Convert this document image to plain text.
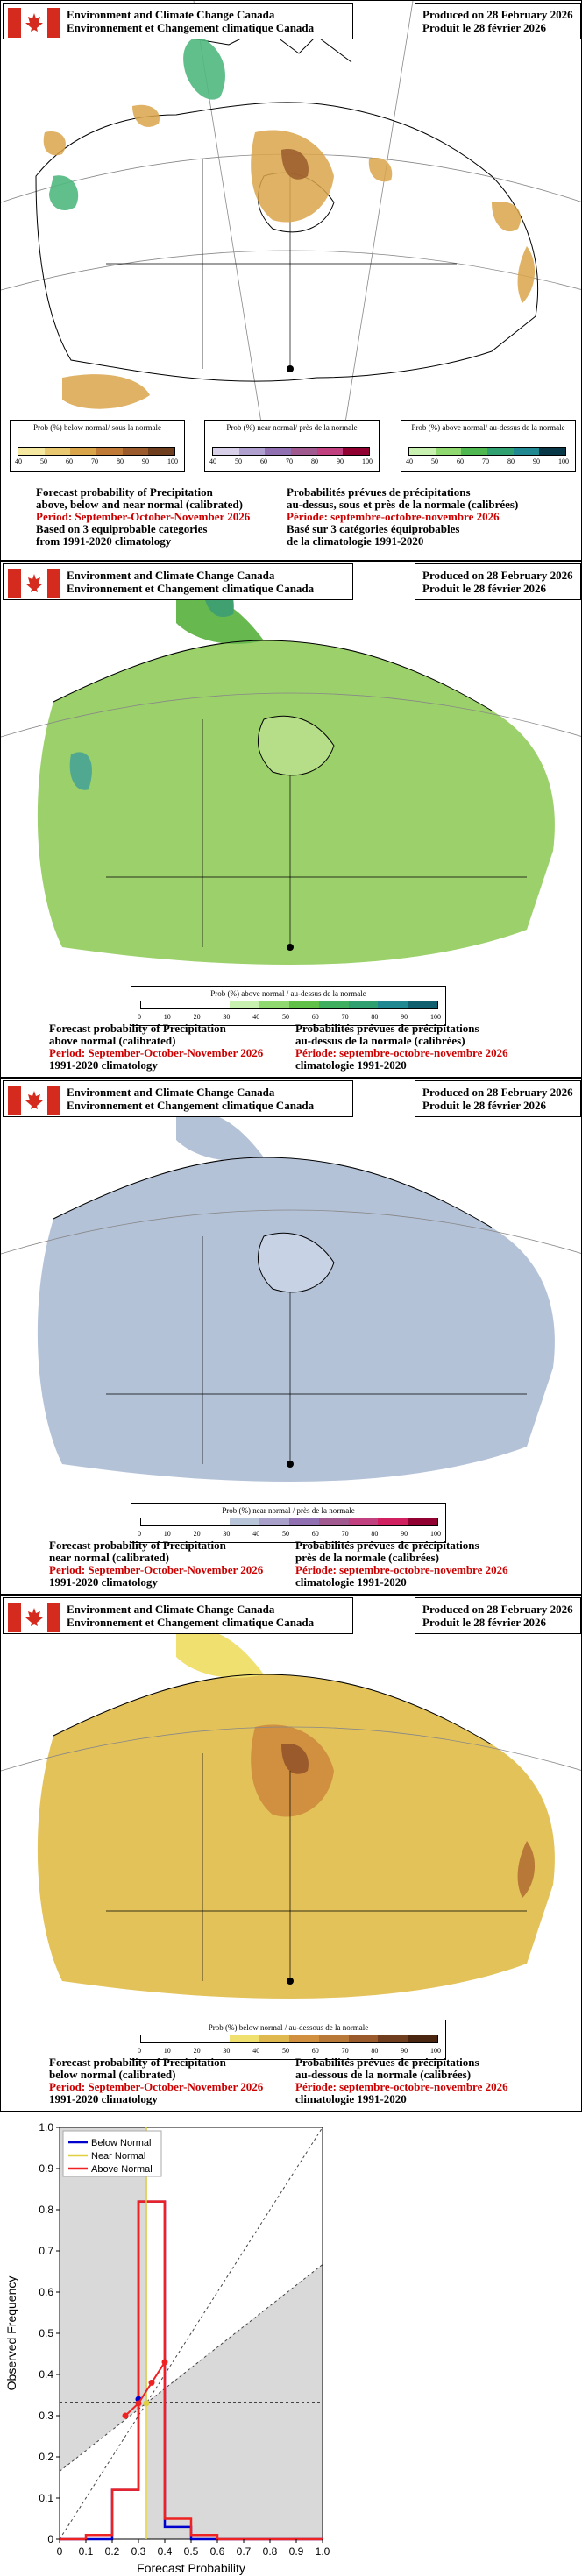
Environment and Climate Change Canada
Environnement et Changement climatique Canada
Produced on 28 February 2026
Produit le 28 février 2026
Prob (%) below normal/ sous la normale
40	50	60	70	80	90	100
Prob (%) near normal/ près de la normale
40	50	60	70	80	90	100
Prob (%) above normal/ au-dessus de la normale
40	50	60	70	80	90	100
Forecast probability of Precipitation
above, below and near normal (calibrated)
Period: September-October-November 2026
Based on 3 equiprobable categories
from 1991-2020 climatology
Probabilités prévues de précipitations
au-dessus, sous et près de la normale (calibrées)
Période: septembre-octobre-novembre 2026
Basé sur 3 catégories équiprobables
de la climatologie 1991-2020
Environment and Climate Change Canada
Environnement et Changement climatique Canada
Produced on 28 February 2026
Produit le 28 février 2026
Prob (%) above normal / au-dessus de la normale
0	10	20	30	40	50	60	70	80	90	100
Forecast probability of Precipitation
above normal (calibrated)
Period: September-October-November 2026
1991-2020 climatology
Probabilités prévues de précipitations
au-dessus de la normale (calibrées)
Période: septembre-octobre-novembre 2026
climatologie 1991-2020
Environment and Climate Change Canada
Environnement et Changement climatique Canada
Produced on 28 February 2026
Produit le 28 février 2026
Prob (%) near normal / près de la normale
0	10	20	30	40	50	60	70	80	90	100
Forecast probability of Precipitation
near normal (calibrated)
Period: September-October-November 2026
1991-2020 climatology
Probabilités prévues de précipitations
près de la normale (calibrées)
Période: septembre-octobre-novembre 2026
climatologie 1991-2020
Environment and Climate Change Canada
Environnement et Changement climatique Canada
Produced on 28 February 2026
Produit le 28 février 2026
Prob (%) below normal / au-dessous de la normale
0	10	20	30	40	50	60	70	80	90	100
Forecast probability of Precipitation
below normal (calibrated)
Period: September-October-November 2026
1991-2020 climatology
Probabilités prévues de précipitations
au-dessous de la normale (calibrées)
Période: septembre-octobre-novembre 2026
climatologie 1991-2020
0 0.1 0.2 0.3 0.4 0.5 0.6 0.7 0.8 0.9 1.0
0
0.1
0.2
0.3
0.4
0.5
0.6
0.7
0.8
0.9
1.0
Forecast Probability
Observed Frequency
Below Normal
Near Normal
Above Normal
